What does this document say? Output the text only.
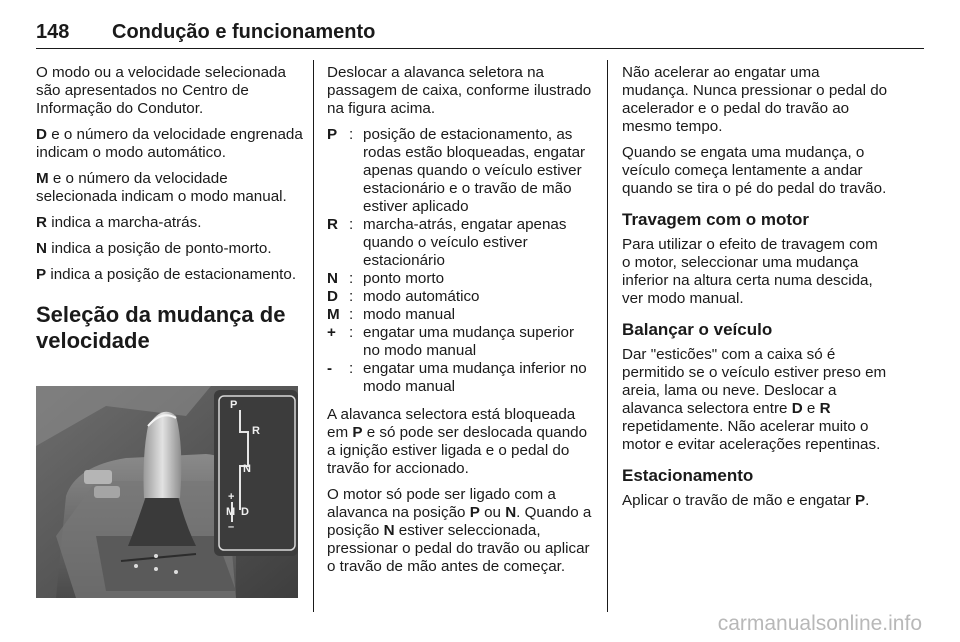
148	Condução e funcionamento

O modo ou a velocidade selecionada são apresentados no Centro de Informação do Condutor.

D e o número da velocidade engrenada indicam o modo automático.

M e o número da velocidade selecionada indicam o modo manual.

R indica a marcha-atrás.

N indica a posição de ponto-morto.

P indica a posição de estacionamento.

Seleção da mudança de velocidade
P
R
N
+
M D
–

Deslocar a alavanca seletora na passagem de caixa, conforme ilustrado na figura acima.

P : posição de estacionamento, as rodas estão bloqueadas, engatar apenas quando o veículo estiver estacionário e o travão de mão estiver aplicado
R : marcha-atrás, engatar apenas quando o veículo estiver estacionário
N : ponto morto
D : modo automático
M : modo manual
+ : engatar uma mudança superior no modo manual
-	: engatar uma mudança inferior no modo manual

A alavanca selectora está bloqueada em P e só pode ser deslocada quando a ignição estiver ligada e o pedal do travão for accionado.

O motor só pode ser ligado com a alavanca na posição P ou N. Quando a posição N estiver seleccionada, pressionar o pedal do travão ou aplicar o travão de mão antes de começar.

Não acelerar ao engatar uma mudança. Nunca pressionar o pedal do acelerador e o pedal do travão ao mesmo tempo.

Quando se engata uma mudança, o veículo começa lentamente a andar quando se tira o pé do pedal do travão.

Travagem com o motor

Para utilizar o efeito de travagem com o motor, seleccionar uma mudança inferior na altura certa numa descida, ver modo manual.

Balançar o veículo

Dar "esticões" com a caixa só é permitido se o veículo estiver preso em areia, lama ou neve. Deslocar a alavanca selectora entre D e R repetidamente. Não acelerar muito o motor e evitar acelerações repentinas.

Estacionamento

Aplicar o travão de mão e engatar P.

carmanualsonline.info
